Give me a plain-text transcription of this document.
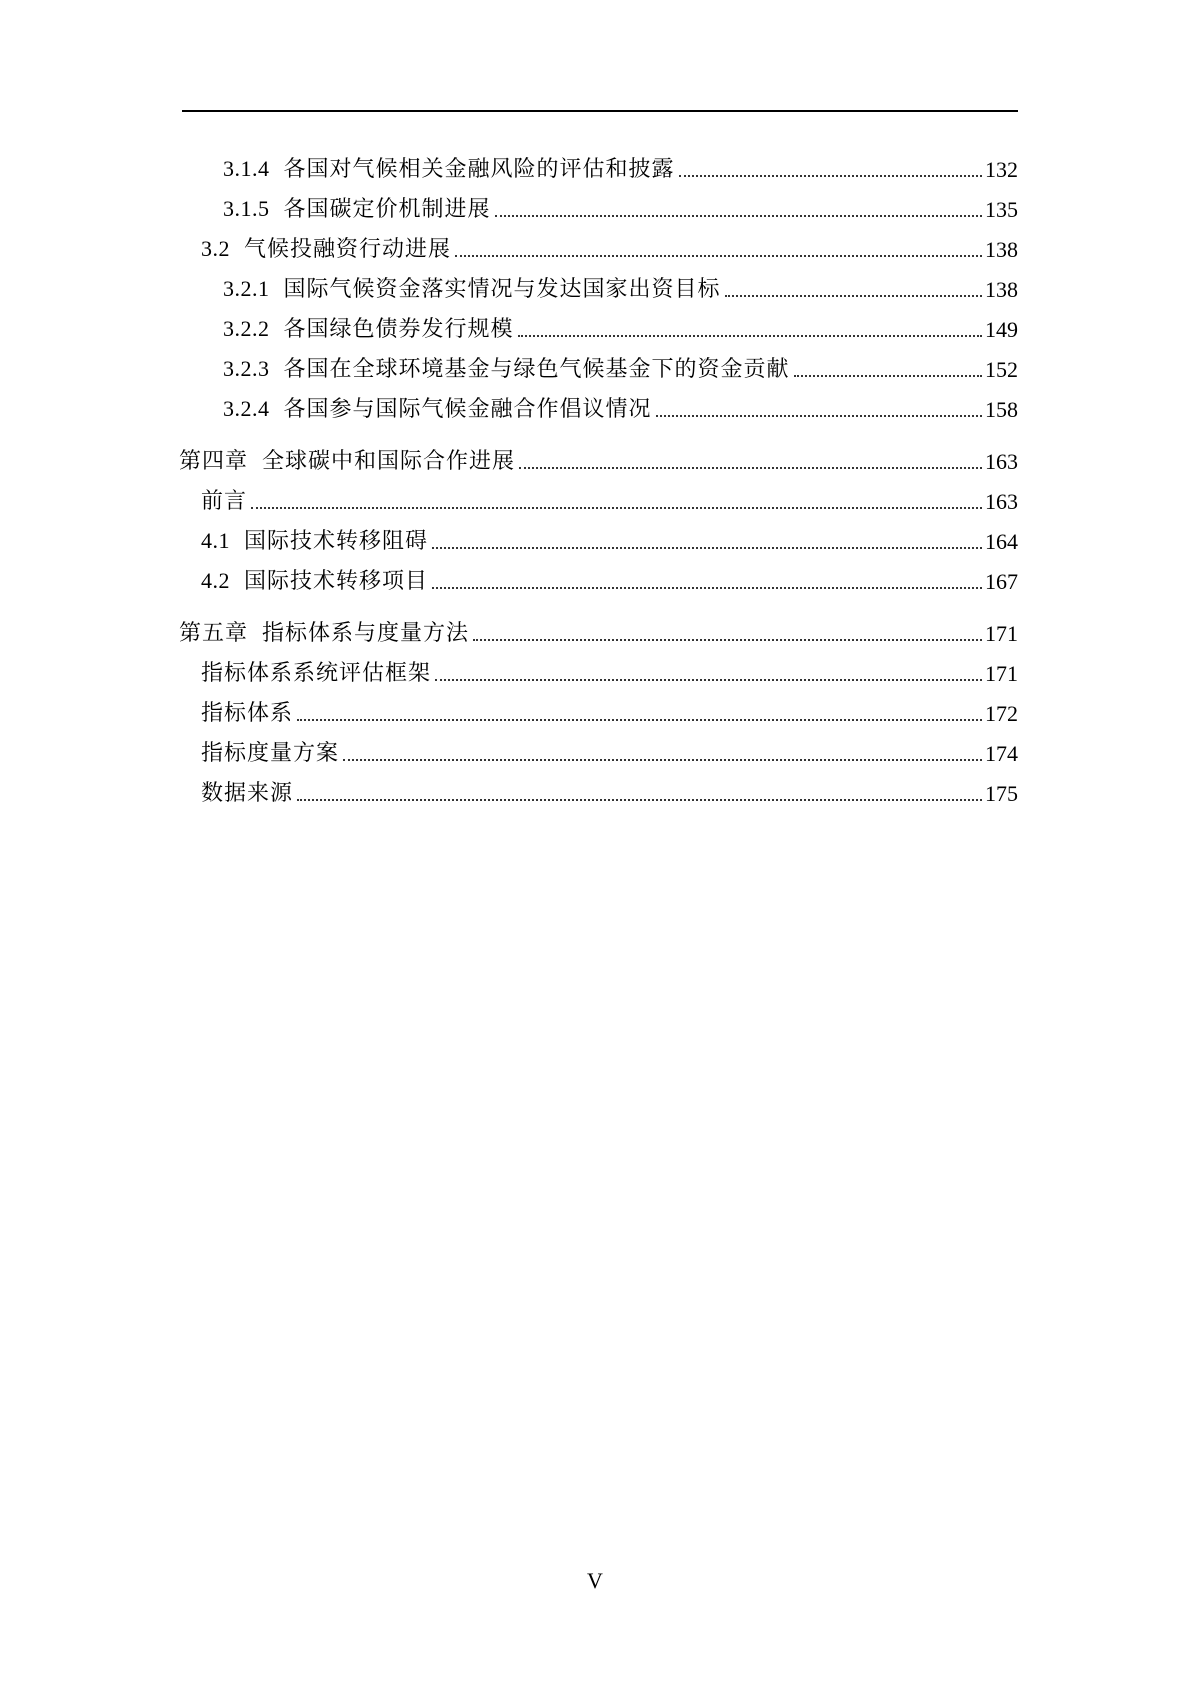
3.1.4 各国对气候相关金融风险的评估和披露	132
3.1.5 各国碳定价机制进展	135
3.2 气候投融资行动进展	138
3.2.1 国际气候资金落实情况与发达国家出资目标	138
3.2.2 各国绿色债券发行规模	149
3.2.3 各国在全球环境基金与绿色气候基金下的资金贡献	152
3.2.4 各国参与国际气候金融合作倡议情况	158
第四章 全球碳中和国际合作进展	163
前言	163
4.1 国际技术转移阻碍	164
4.2 国际技术转移项目	167
第五章 指标体系与度量方法	171
指标体系系统评估框架	171
指标体系	172
指标度量方案	174
数据来源	175
V
